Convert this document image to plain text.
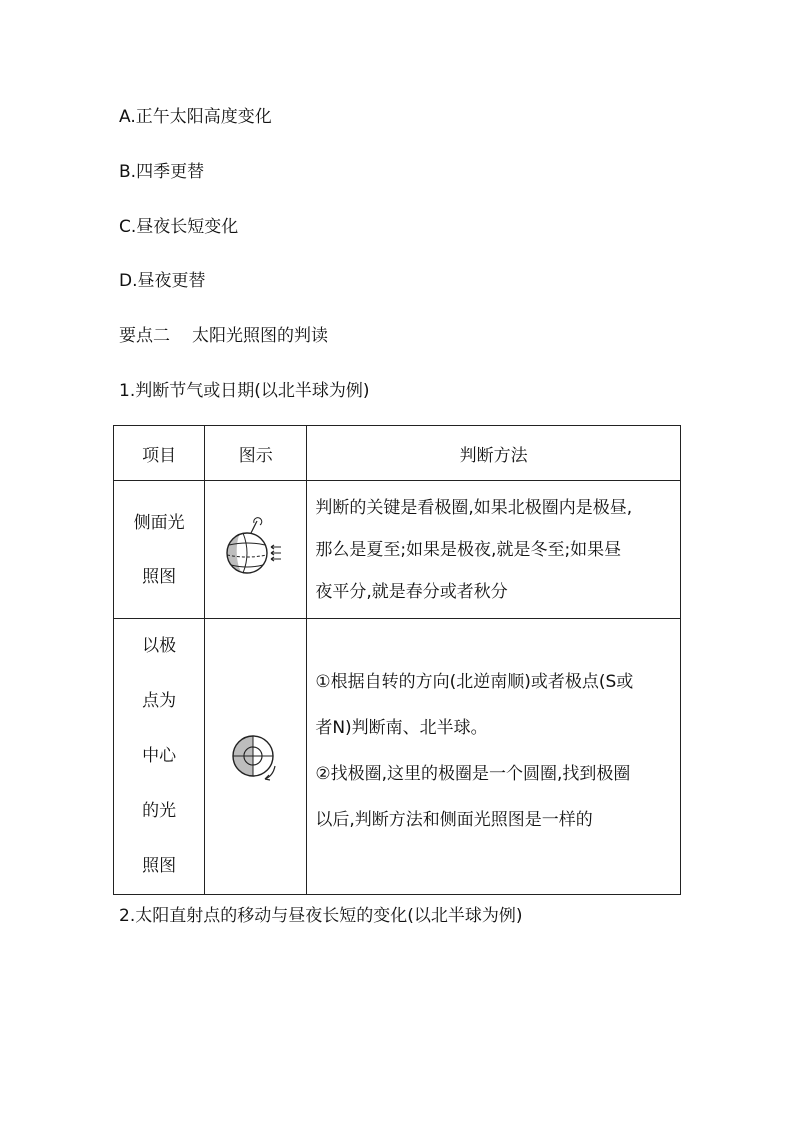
A.正午太阳高度变化
B.四季更替
C.昼夜长短变化
D.昼夜更替
要点二 太阳光照图的判读
1.判断节气或日期(以北半球为例)
项目	图示	判断方法

侧面光
照图		判断的关键是看极圈,如果北极圈内是极昼,
那么是夏至;如果是极夜,就是冬至;如果昼
夜平分,就是春分或者秋分

以极
点为
中心
的光
照图		①根据自转的方向(北逆南顺)或者极点(S或
者N)判断南、北半球。
②找极圈,这里的极圈是一个圆圈,找到极圈
以后,判断方法和侧面光照图是一样的
2.太阳直射点的移动与昼夜长短的变化(以北半球为例)
